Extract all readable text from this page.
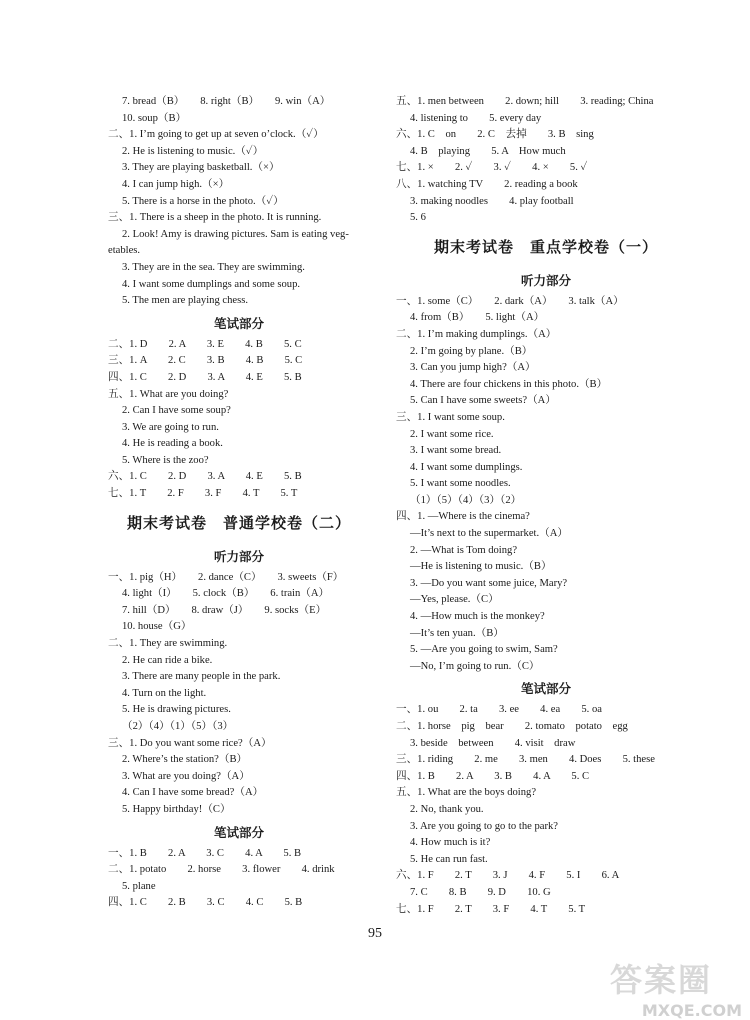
7. bread（B）　　8. right（B）　　9. win（A）
10. soup（B）
二、1. I’m going to get up at seven o’clock.（✓）
2. He is listening to music.（✓）
3. They are playing basketball.（×）
4. I can jump high.（×）
5. There is a horse in the photo.（✓）
三、1. There is a sheep in the photo. It is running.
2. Look! Amy is drawing pictures. Sam is eating veg-
etables.
3. They are in the sea. They are swimming.
4. I want some dumplings and some soup.
5. The men are playing chess.
笔试部分
二、1. D　　2. A　　3. E　　4. B　　5. C
三、1. A　　2. C　　3. B　　4. B　　5. C
四、1. C　　2. D　　3. A　　4. E　　5. B
五、1. What are you doing?
2. Can I have some soup?
3. We are going to run.
4. He is reading a book.
5. Where is the zoo?
六、1. C　　2. D　　3. A　　4. E　　5. B
七、1. T　　2. F　　3. F　　4. T　　5. T
期末考试卷　普通学校卷（二）
听力部分
一、1. pig（H）　　2. dance（C）　　3. sweets（F）
4. light（I）　　5. clock（B）　　6. train（A）
7. hill（D）　　8. draw（J）　　9. socks（E）
10. house（G）
二、1. They are swimming.
2. He can ride a bike.
3. There are many people in the park.
4. Turn on the light.
5. He is drawing pictures.
（2）（4）（1）（5）（3）
三、1. Do you want some rice?（A）
2. Where’s the station?（B）
3. What are you doing?（A）
4. Can I have some bread?（A）
5. Happy birthday!（C）
笔试部分
一、1. B　　2. A　　3. C　　4. A　　5. B
二、1. potato　　2. horse　　3. flower　　4. drink
5. plane
四、1. C　　2. B　　3. C　　4. C　　5. B
五、1. men between　　2. down; hill　　3. reading; China
4. listening to　　5. every day
六、1. C　on　　2. C　去掉　　3. B　sing
4. B　playing　　5. A　How much
七、1. ×　　2. ✓　　3. ✓　　4. ×　　5. ✓
八、1. watching TV　　2. reading a book
3. making noodles　　4. play football
5. 6
期末考试卷　重点学校卷（一）
听力部分
一、1. some（C）　　2. dark（A）　　3. talk（A）
4. from（B）　　5. light（A）
二、1. I’m making dumplings.（A）
2. I’m going by plane.（B）
3. Can you jump high?（A）
4. There are four chickens in this photo.（B）
5. Can I have some sweets?（A）
三、1. I want some soup.
2. I want some rice.
3. I want some bread.
4. I want some dumplings.
5. I want some noodles.
（1）（5）（4）（3）（2）
四、1. —Where is the cinema?
—It’s next to the supermarket.（A）
2. —What is Tom doing?
—He is listening to music.（B）
3. —Do you want some juice, Mary?
—Yes, please.（C）
4. —How much is the monkey?
—It’s ten yuan.（B）
5. —Are you going to swim, Sam?
—No, I’m going to run.（C）
笔试部分
一、1. ou　　2. ta　　3. ee　　4. ea　　5. oa
二、1. horse　pig　bear　　2. tomato　potato　egg
3. beside　between　　4. visit　draw
三、1. riding　　2. me　　3. men　　4. Does　　5. these
四、1. B　　2. A　　3. B　　4. A　　5. C
五、1. What are the boys doing?
2. No, thank you.
3. Are you going to go to the park?
4. How much is it?
5. He can run fast.
六、1. F　　2. T　　3. J　　4. F　　5. I　　6. A
7. C　　8. B　　9. D　　10. G
七、1. F　　2. T　　3. F　　4. T　　5. T
95
答案圈
MXQE.COM
